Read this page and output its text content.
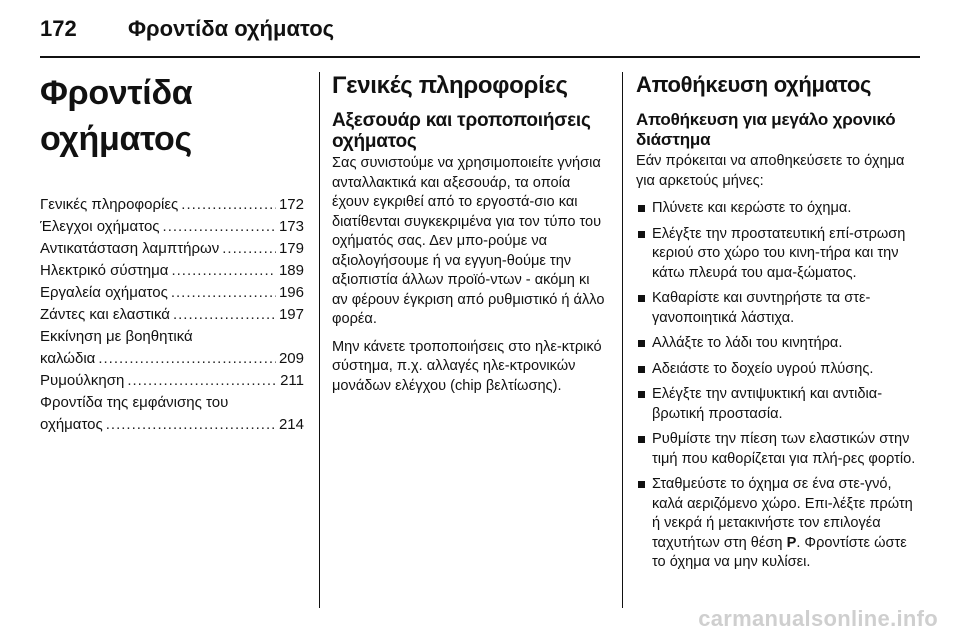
172 Φροντίδα οχήματος
Φροντίδα οχήματος
Γενικές πληροφορίες .....	172
Έλεγχοι οχήματος .....	173
Αντικατάσταση λαμπτήρων .....	179
Ηλεκτρικό σύστημα .....	189
Εργαλεία οχήματος .....	196
Ζάντες και ελαστικά .....	197
Εκκίνηση με βοηθητικά
καλώδια .....	209
Ρυμούλκηση .....	211
Φροντίδα της εμφάνισης του
οχήματος .....	214
Γενικές πληροφορίες
Αξεσουάρ και τροποποιήσεις οχήματος

Σας συνιστούμε να χρησιμοποιείτε γνήσια ανταλλακτικά και αξεσουάρ, τα οποία έχουν εγκριθεί από το εργοστά-σιο και διατίθενται συγκεκριμένα για τον τύπο του οχήματός σας. Δεν μπο-ρούμε να αξιολογήσουμε ή να εγγυη-θούμε την αξιοπιστία άλλων προϊό-ντων - ακόμη κι αν φέρουν έγκριση από ρυθμιστικό ή άλλο φορέα.

Μην κάνετε τροποποιήσεις στο ηλε-κτρικό σύστημα, π.χ. αλλαγές ηλε-κτρονικών μονάδων ελέγχου (chip βελτίωσης).

Αποθήκευση οχήματος
Αποθήκευση για μεγάλο χρονικό διάστημα

Εάν πρόκειται να αποθηκεύσετε το όχημα για αρκετούς μήνες:

Πλύνετε και κερώστε το όχημα.
Ελέγξτε την προστατευτική επί-στρωση κεριού στο χώρο του κινη-τήρα και την κάτω πλευρά του αμα-ξώματος.
Καθαρίστε και συντηρήστε τα στε-γανοποιητικά λάστιχα.
Αλλάξτε το λάδι του κινητήρα.
Αδειάστε το δοχείο υγρού πλύσης.
Ελέγξτε την αντιψυκτική και αντιδια-βρωτική προστασία.
Ρυθμίστε την πίεση των ελαστικών στην τιμή που καθορίζεται για πλή-ρες φορτίο.
Σταθμεύστε το όχημα σε ένα στε-γνό, καλά αεριζόμενο χώρο. Επι-λέξτε πρώτη ή νεκρά ή μετακινήστε τον επιλογέα ταχυτήτων στη θέση P. Φροντίστε ώστε το όχημα να μην κυλίσει.
carmanualsonline.info
